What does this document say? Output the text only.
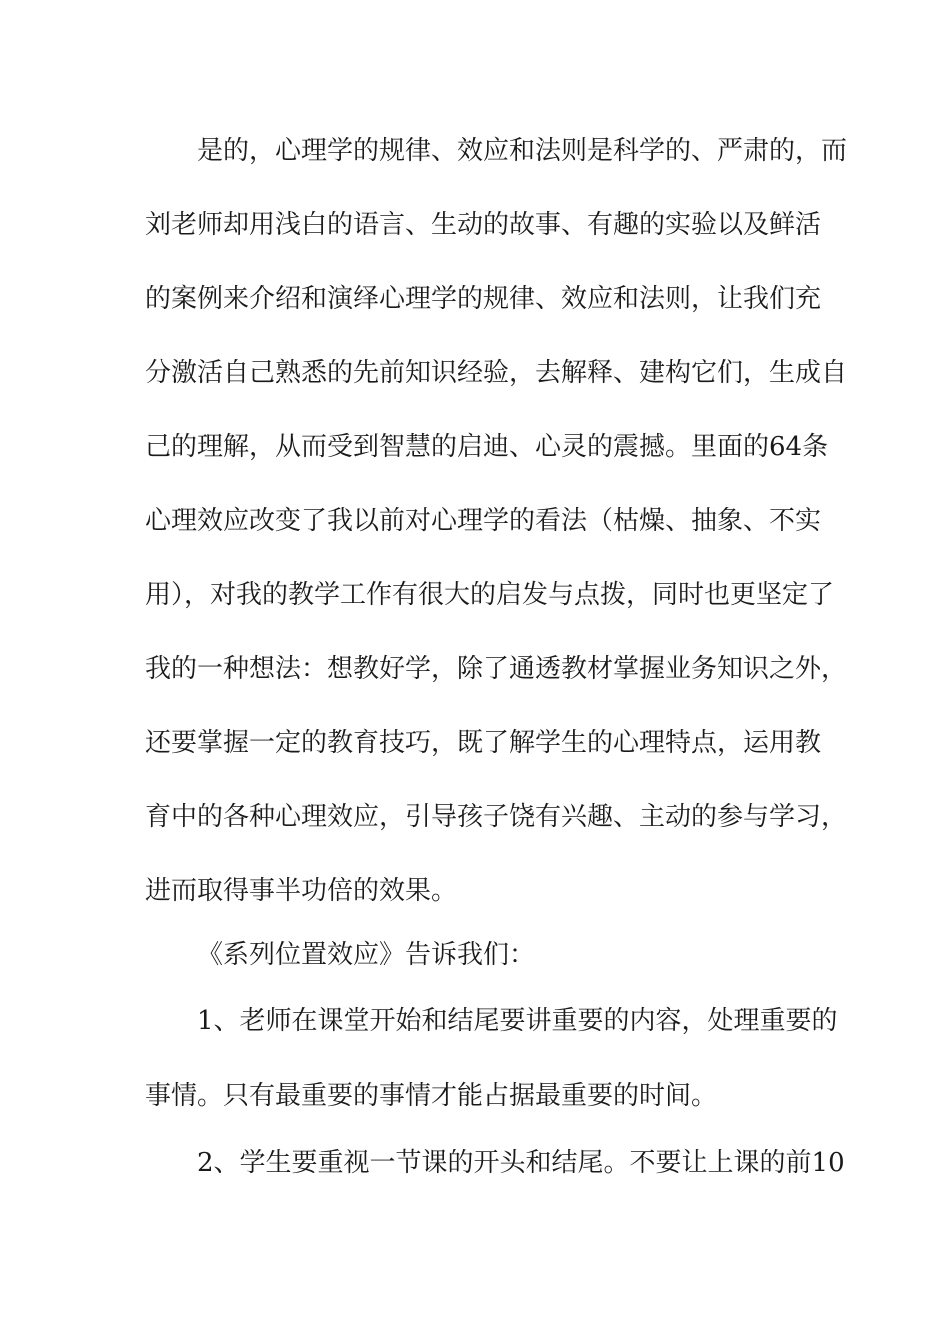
是的，心理学的规律、效应和法则是科学的、严肃的，而
刘老师却用浅白的语言、生动的故事、有趣的实验以及鲜活
的案例来介绍和演绎心理学的规律、效应和法则，让我们充
分激活自己熟悉的先前知识经验，去解释、建构它们，生成自
己的理解，从而受到智慧的启迪、心灵的震撼。里面的64条
心理效应改变了我以前对心理学的看法（枯燥、抽象、不实
用），对我的教学工作有很大的启发与点拨，同时也更坚定了
我的一种想法：想教好学，除了通透教材掌握业务知识之外，
还要掌握一定的教育技巧，既了解学生的心理特点，运用教
育中的各种心理效应，引导孩子饶有兴趣、主动的参与学习，
进而取得事半功倍的效果。
《系列位置效应》告诉我们：
1、老师在课堂开始和结尾要讲重要的内容，处理重要的
事情。只有最重要的事情才能占据最重要的时间。
2、学生要重视一节课的开头和结尾。不要让上课的前10
